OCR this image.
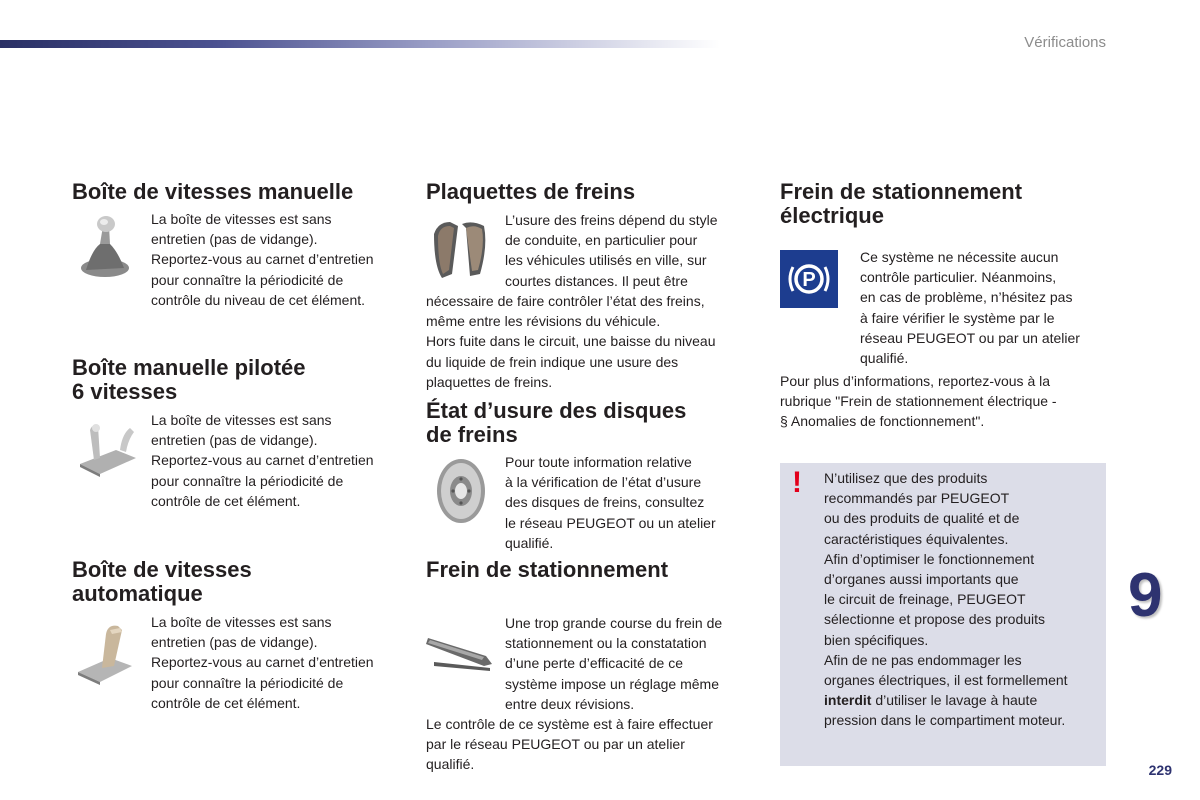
Vérifications
9
229
Boîte de vitesses manuelle
La boîte de vitesses est sans
entretien (pas de vidange).
Reportez-vous au carnet d’entretien
pour connaître la périodicité de
contrôle du niveau de cet élément.
Boîte manuelle pilotée
6 vitesses
La boîte de vitesses est sans
entretien (pas de vidange).
Reportez-vous au carnet d’entretien
pour connaître la périodicité de
contrôle de cet élément.
Boîte de vitesses
automatique
La boîte de vitesses est sans
entretien (pas de vidange).
Reportez-vous au carnet d’entretien
pour connaître la périodicité de
contrôle de cet élément.
Plaquettes de freins
L’usure des freins dépend du style
de conduite, en particulier pour
les véhicules utilisés en ville, sur
courtes distances. Il peut être
nécessaire de faire contrôler l’état des freins,
même entre les révisions du véhicule.
Hors fuite dans le circuit, une baisse du niveau
du liquide de frein indique une usure des
plaquettes de freins.
État d’usure des disques
de freins
Pour toute information relative
à la vérification de l’état d’usure
des disques de freins, consultez
le réseau PEUGEOT ou un atelier
qualifié.
Frein de stationnement
Une trop grande course du frein de
stationnement ou la constatation
d’une perte d’efficacité de ce
système impose un réglage même
entre deux révisions.
Le contrôle de ce système est à faire effectuer
par le réseau PEUGEOT ou par un atelier
qualifié.
Frein de stationnement
électrique
P
Ce système ne nécessite aucun
contrôle particulier. Néanmoins,
en cas de problème, n’hésitez pas
à faire vérifier le système par le
réseau PEUGEOT ou par un atelier
qualifié.
Pour plus d’informations, reportez-vous à la
rubrique "Frein de stationnement électrique -
§ Anomalies de fonctionnement".
! N’utilisez que des produits
recommandés par PEUGEOT
ou des produits de qualité et de
caractéristiques équivalentes.
Afin d’optimiser le fonctionnement
d’organes aussi importants que
le circuit de freinage, PEUGEOT
sélectionne et propose des produits
bien spécifiques.
Afin de ne pas endommager les
organes électriques, il est formellement
interdit d’utiliser le lavage à haute
pression dans le compartiment moteur.
